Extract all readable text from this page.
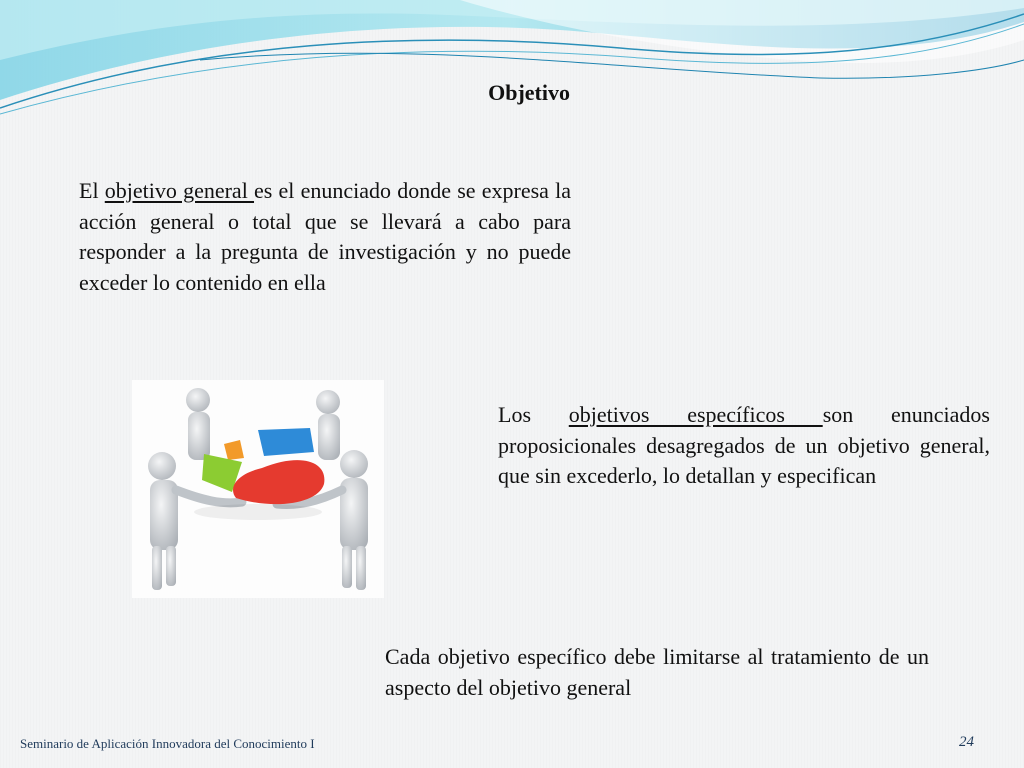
Objetivo

El objetivo general es el enunciado donde se expresa la acción general o total que se llevará a cabo para responder a la pregunta de investigación y no puede exceder lo contenido en ella

Los objetivos específicos son enunciados proposicionales desagregados de un objetivo general, que sin excederlo, lo detallan y especifican

Cada objetivo específico debe limitarse al tratamiento de un aspecto del objetivo general

Seminario de Aplicación Innovadora del Conocimiento I	24
